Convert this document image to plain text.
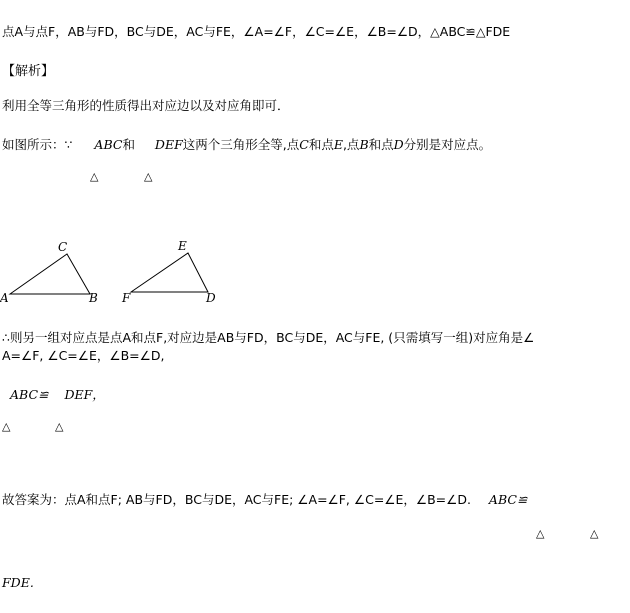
点A与点F，AB与FD，BC与DE，AC与FE，∠A=∠F，∠C=∠E，∠B=∠D，△ABC≌△FDE
【解析】
利用全等三角形的性质得出对应边以及对应角即可．
如图所示：∵ ABC和 DEF这两个三角形全等,点C和点E,点B和点D分别是对应点。
△	△
C
A	B
E
F	D
∴则另一组对应点是点A和点F,对应边是AB与FD，BC与DE，AC与FE, (只需填写一组)对应角是∠
A=∠F, ∠C=∠E，∠B=∠D,
ABC≌ DEF，
△	△
故答案为：点A和点F; AB与FD，BC与DE，AC与FE; ∠A=∠F, ∠C=∠E，∠B=∠D. ABC≌
△	△
FDE.
